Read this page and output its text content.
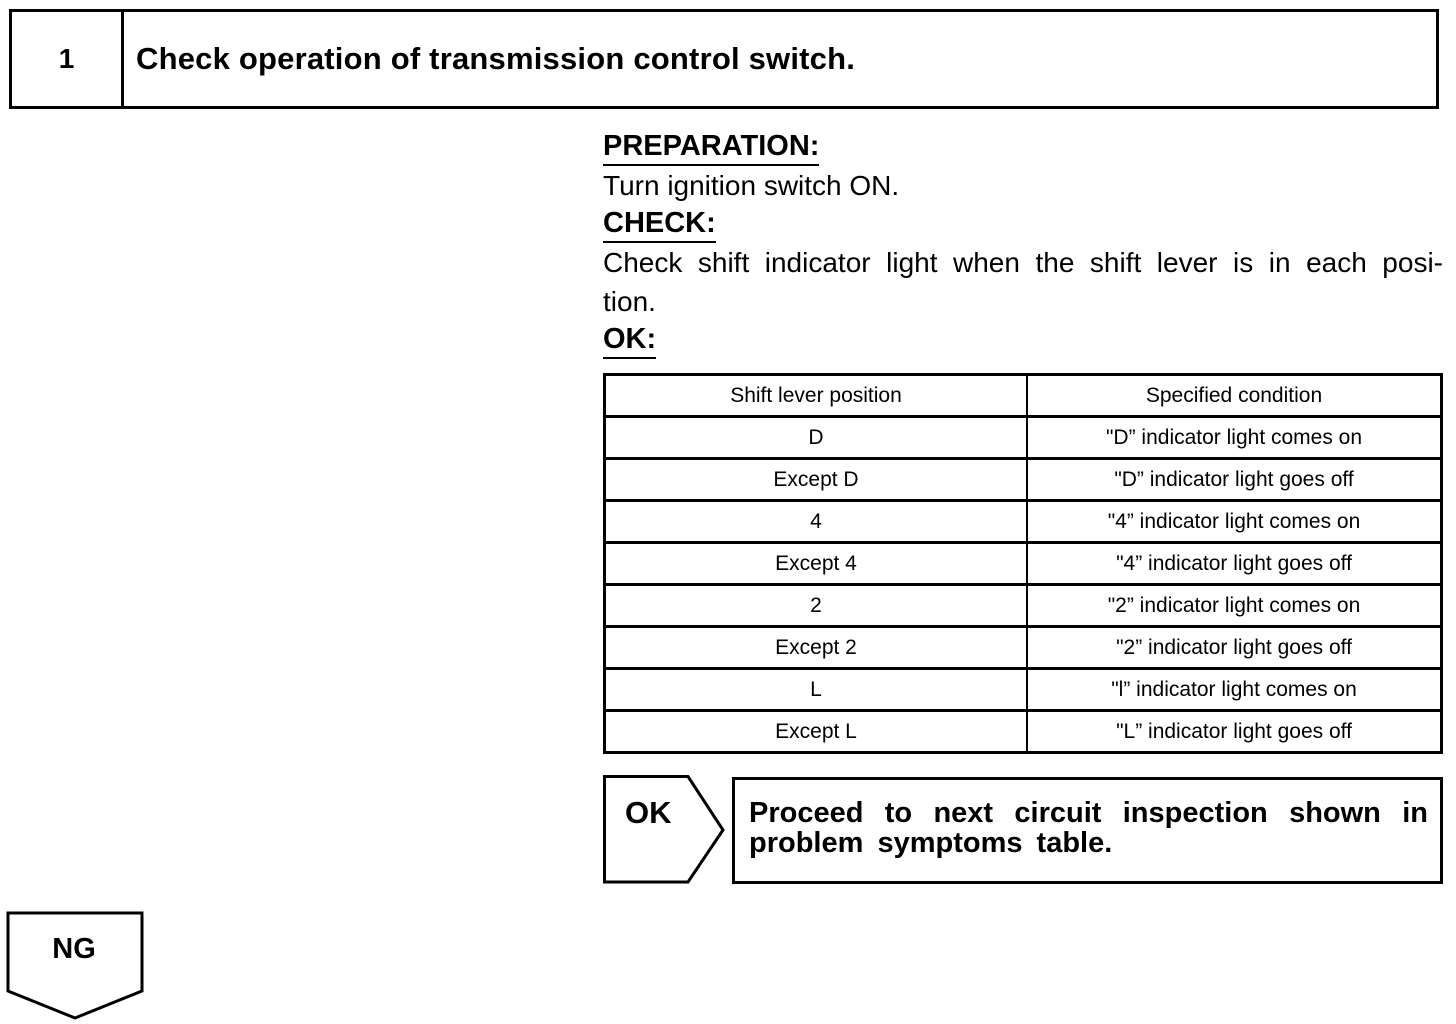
1	Check operation of transmission control switch.
PREPARATION:

Turn ignition switch ON.

CHECK:

Check shift indicator light when the shift lever is in each posi-

tion.

OK:
Shift lever position	Specified condition
D	"D” indicator light comes on
Except D	"D” indicator light goes off
4	"4” indicator light comes on
Except 4	"4” indicator light goes off
2	"2” indicator light comes on
Except 2	"2” indicator light goes off
L	"l” indicator light comes on
Except L	"L” indicator light goes off
OK	Proceed to next circuit inspection shown in
problem symptoms table.
NG
